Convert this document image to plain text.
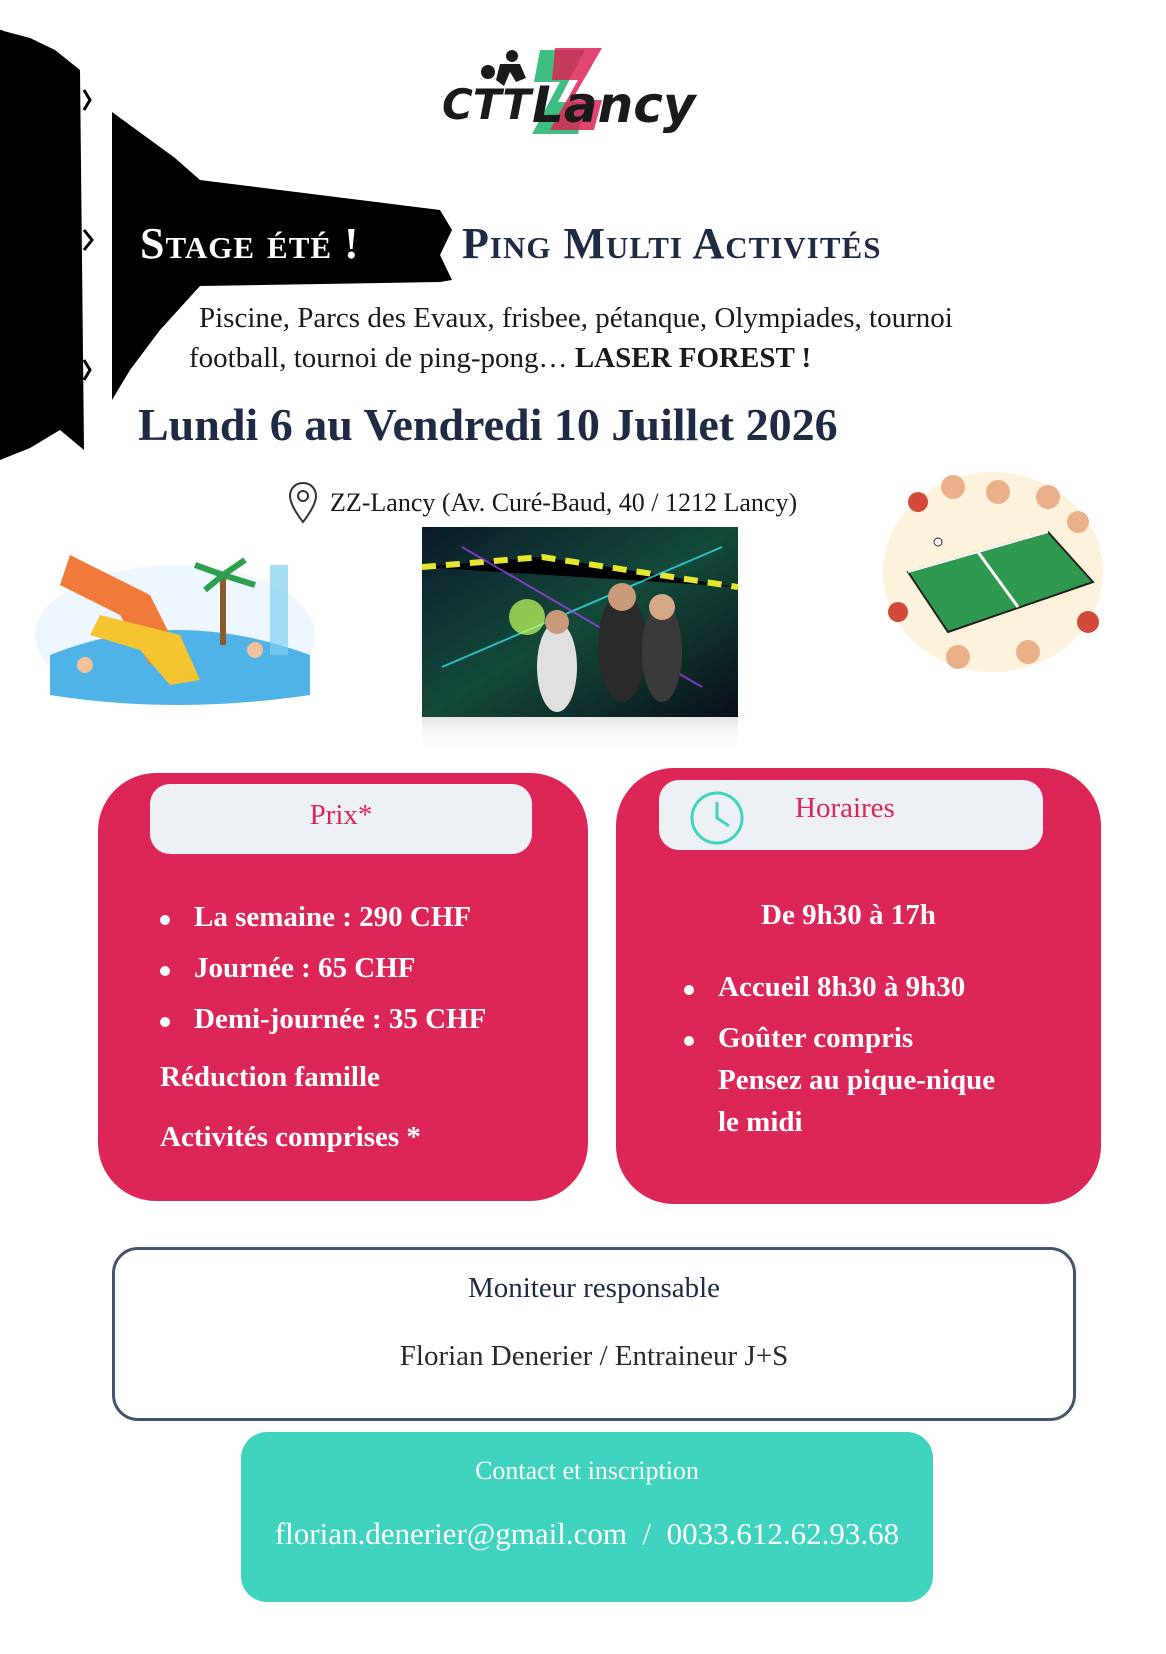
CTT Lancy
Stage été ! Ping Multi Activités
Piscine, Parcs des Evaux, frisbee, pétanque, Olympiades, tournoi
football, tournoi de ping-pong… LASER FOREST !
Lundi 6 au Vendredi 10 Juillet 2026
ZZ-Lancy (Av. Curé-Baud, 40 / 1212 Lancy)
Prix*
La semaine : 290 CHF
Journée : 65 CHF
Demi-journée : 35 CHF
Réduction famille
Activités comprises *
Horaires
De 9h30 à 17h
Accueil 8h30 à 9h30
Goûter compris
Pensez au pique-nique
le midi
Moniteur responsable
Florian Denerier / Entraineur J+S
Contact et inscription
florian.denerier@gmail.com  /  0033.612.62.93.68
